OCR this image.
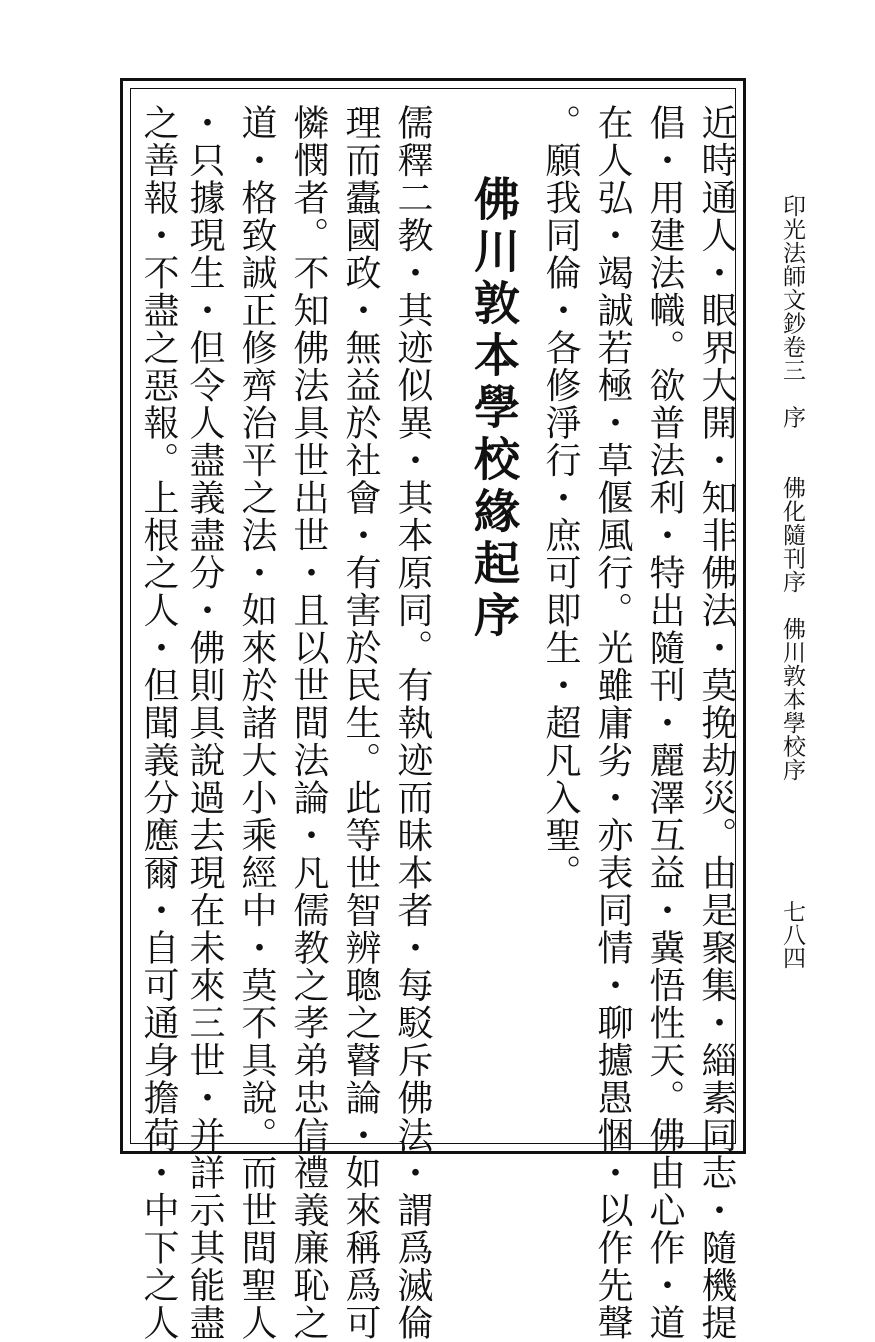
印光法師文鈔卷三　序　　佛化隨刊序　佛川敦本學校序
七八四
近時通人・眼界大開・知非佛法・莫挽劫災。由是聚集・緇素同志・隨機提
倡・用建法幟。欲普法利・特出隨刊・麗澤互益・冀悟性天。佛由心作・道
在人弘・竭誠若極・草偃風行。光雖庸劣・亦表同情・聊攄愚悃・以作先聲
。願我同倫・各修淨行・庶可即生・超凡入聖。
佛川敦本學校緣起序
儒釋二教・其迹似異・其本原同。有執迹而昧本者・每駁斥佛法・謂爲滅倫
理而蠹國政・無益於社會・有害於民生。此等世智辨聰之瞽論・如來稱爲可
憐憫者。不知佛法具世出世・且以世間法論・凡儒教之孝弟忠信禮義廉恥之
道・格致誠正修齊治平之法・如來於諸大小乘經中・莫不具說。而世間聖人
・只據現生・但令人盡義盡分・佛則具說過去現在未來三世・并詳示其能盡
之善報・不盡之惡報。上根之人・但聞義分應爾・自可通身擔荷・中下之人
